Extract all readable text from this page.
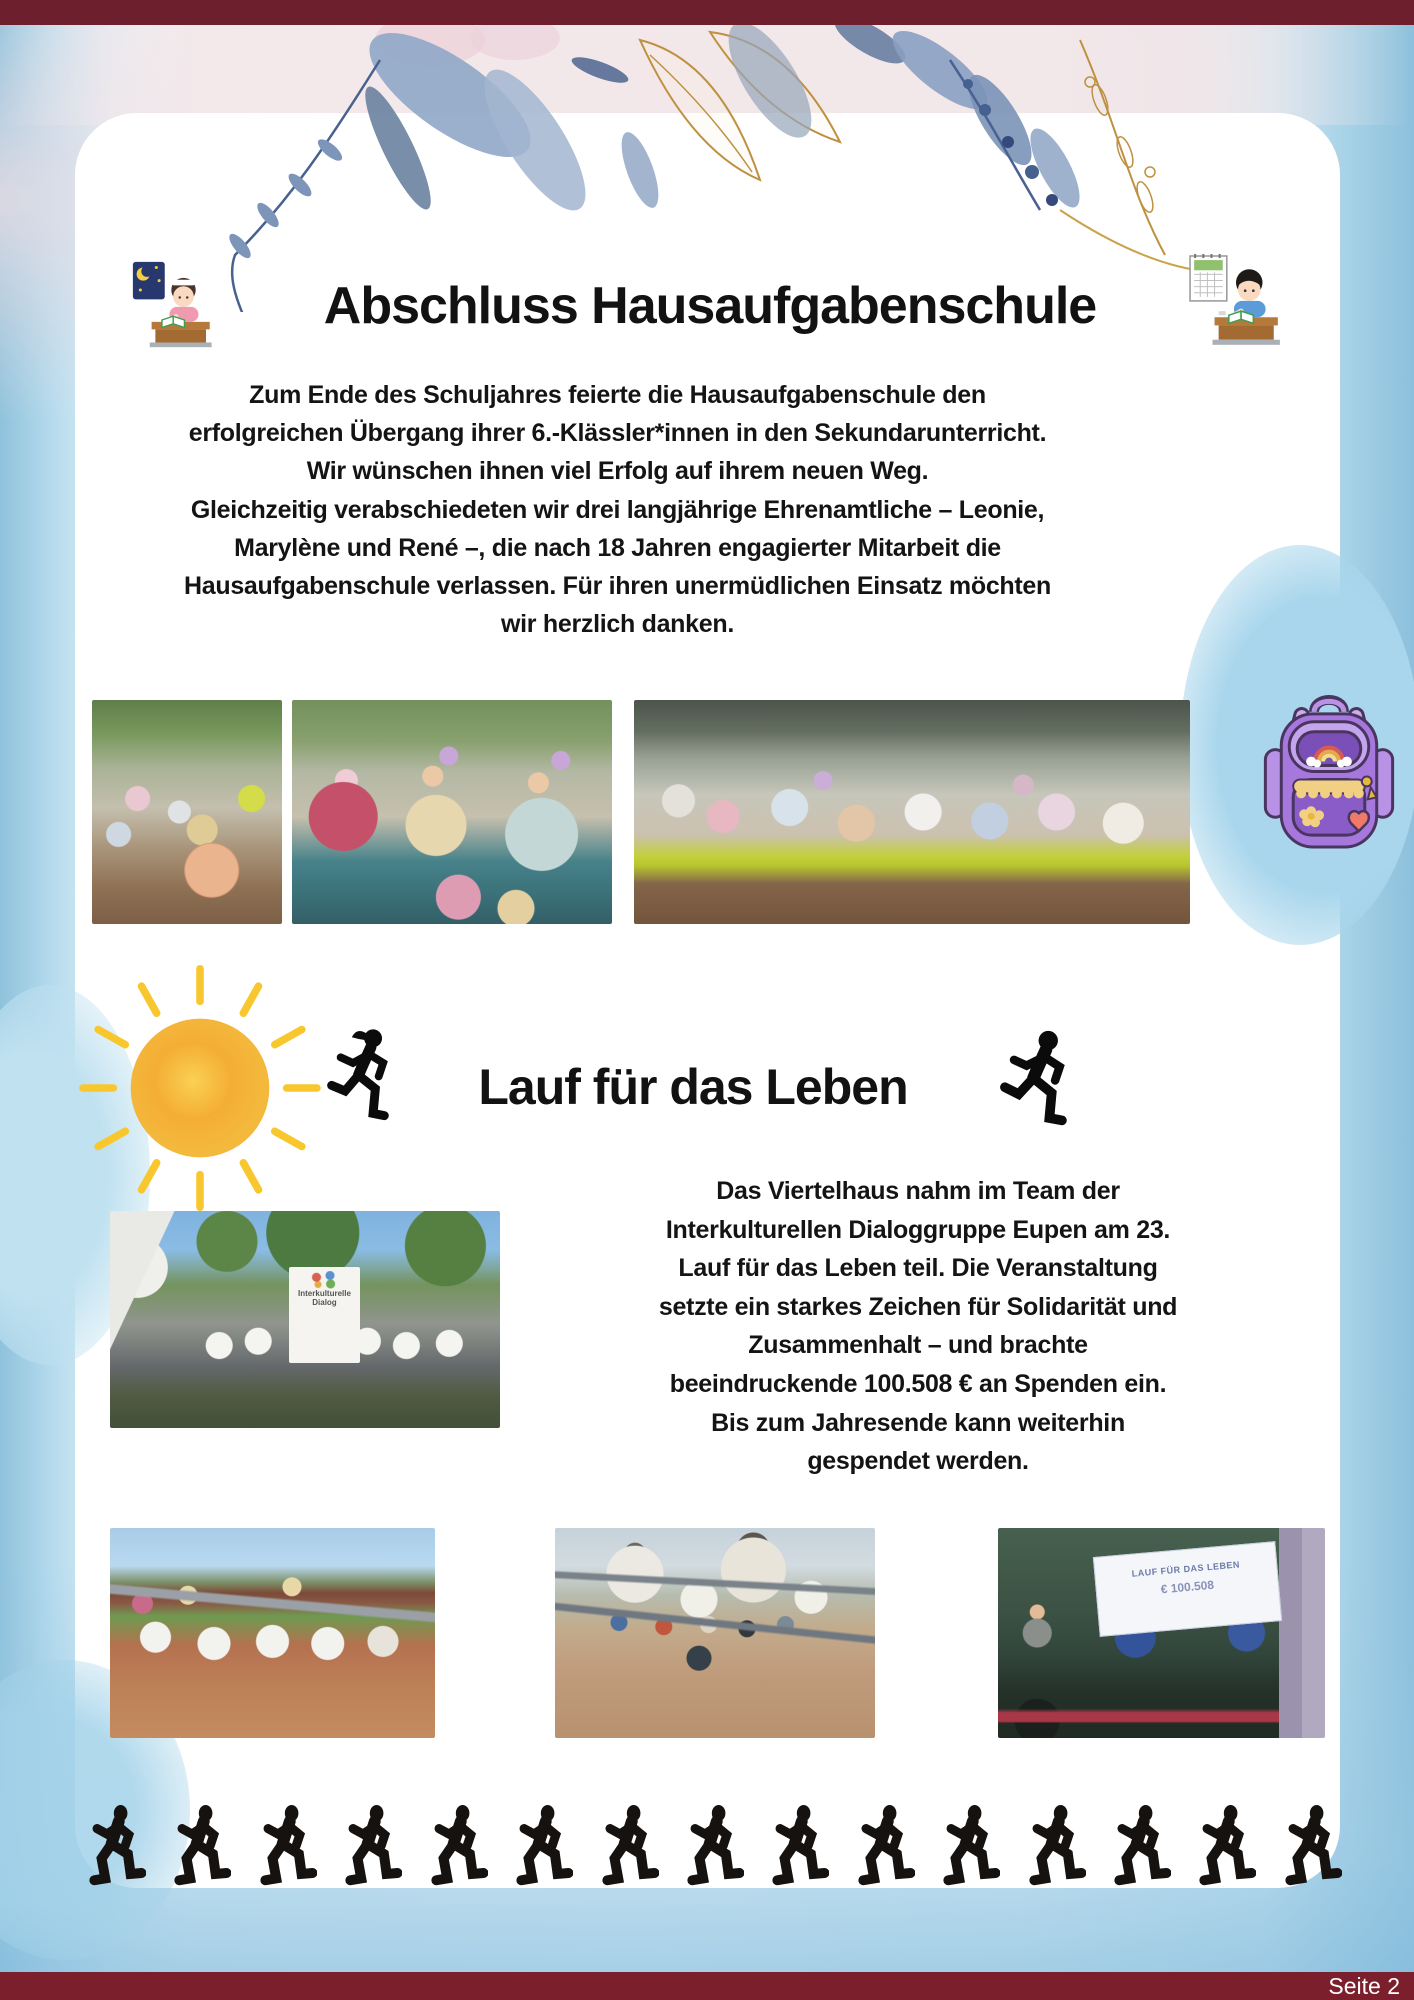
Abschluss Hausaufgabenschule
Zum Ende des Schuljahres feierte die Hausaufgabenschule den
erfolgreichen Übergang ihrer 6.-Klässler*innen in den Sekundarunterricht.
Wir wünschen ihnen viel Erfolg auf ihrem neuen Weg.
Gleichzeitig verabschiedeten wir drei langjährige Ehrenamtliche – Leonie,
Marylène und René –, die nach 18 Jahren engagierter Mitarbeit die
Hausaufgabenschule verlassen. Für ihren unermüdlichen Einsatz möchten
wir herzlich danken.
Lauf für das Leben
Interkulturelle
Dialog
Das Viertelhaus nahm im Team der
Interkulturellen Dialoggruppe Eupen am 23.
Lauf für das Leben teil. Die Veranstaltung
setzte ein starkes Zeichen für Solidarität und
Zusammenhalt – und brachte
beeindruckende 100.508 € an Spenden ein.
Bis zum Jahresende kann weiterhin
gespendet werden.
LAUF FÜR DAS LEBEN
€ 100.508
Seite 2
